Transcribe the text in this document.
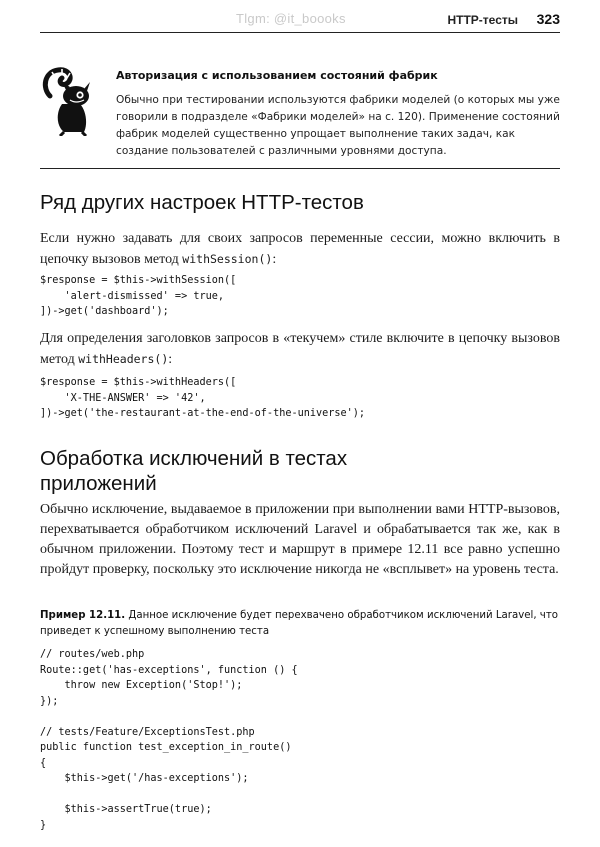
HTTP-тесты 323
Tlgm: @it_boooks
Авторизация с использованием состояний фабрик
Обычно при тестировании используются фабрики моделей (о которых мы уже говорили в подразделе «Фабрики моделей» на с. 120). Применение состояний фабрик моделей существенно упрощает выполнение таких задач, как создание пользователей с различными уровнями доступа.
Ряд других настроек HTTP-тестов
Если нужно задавать для своих запросов переменные сессии, можно включить в цепочку вызовов метод withSession():
$response = $this->withSession([
'alert-dismissed' => true,
])->get('dashboard');
Для определения заголовков запросов в «текучем» стиле включите в цепочку вызовов метод withHeaders():
$response = $this->withHeaders([
'X-THE-ANSWER' => '42',
])->get('the-restaurant-at-the-end-of-the-universe');
Обработка исключений в тестах приложений
Обычно исключение, выдаваемое в приложении при выполнении вами HTTP-вызовов, перехватывается обработчиком исключений Laravel и обрабатывается так же, как в обычном приложении. Поэтому тест и маршрут в примере 12.11 все равно успешно пройдут проверку, поскольку это исключение никогда не «всплывет» на уровень теста.
Пример 12.11. Данное исключение будет перехвачено обработчиком исключений Laravel, что приведет к успешному выполнению теста
// routes/web.php
Route::get('has-exceptions', function () {
throw new Exception('Stop!');
});

// tests/Feature/ExceptionsTest.php
public function test_exception_in_route()
{
$this->get('/has-exceptions');

$this->assertTrue(true);
}
